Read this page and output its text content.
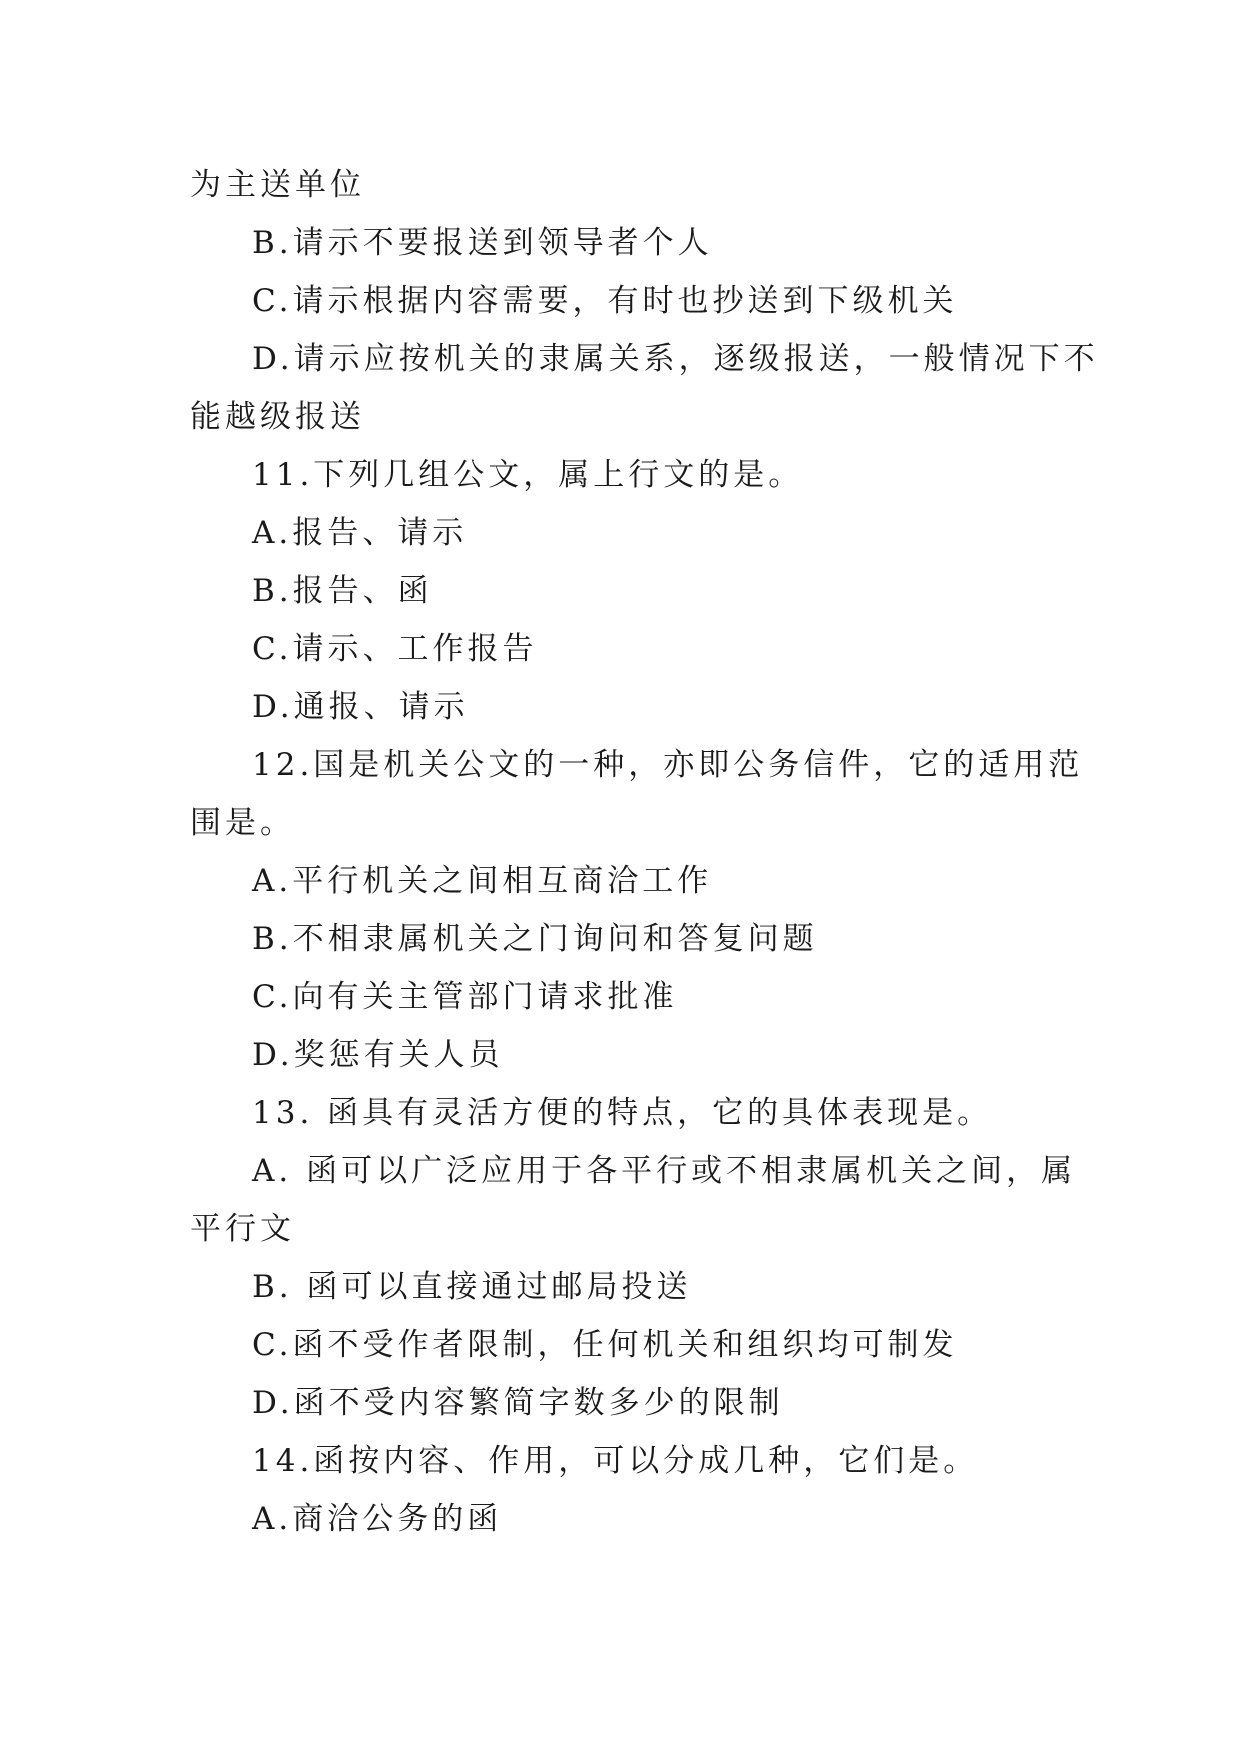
为主送单位
B.请示不要报送到领导者个人
C.请示根据内容需要，有时也抄送到下级机关
D.请示应按机关的隶属关系，逐级报送，一般情况下不
能越级报送
11.下列几组公文，属上行文的是。
A.报告、请示
B.报告、函
C.请示、工作报告
D.通报、请示
12.国是机关公文的一种，亦即公务信件，它的适用范
围是。
A.平行机关之间相互商洽工作
B.不相隶属机关之门询问和答复问题
C.向有关主管部门请求批准
D.奖惩有关人员
13. 函具有灵活方便的特点，它的具体表现是。
A. 函可以广泛应用于各平行或不相隶属机关之间，属
平行文
B. 函可以直接通过邮局投送
C.函不受作者限制，任何机关和组织均可制发
D.函不受内容繁简字数多少的限制
14.函按内容、作用，可以分成几种，它们是。
A.商洽公务的函
